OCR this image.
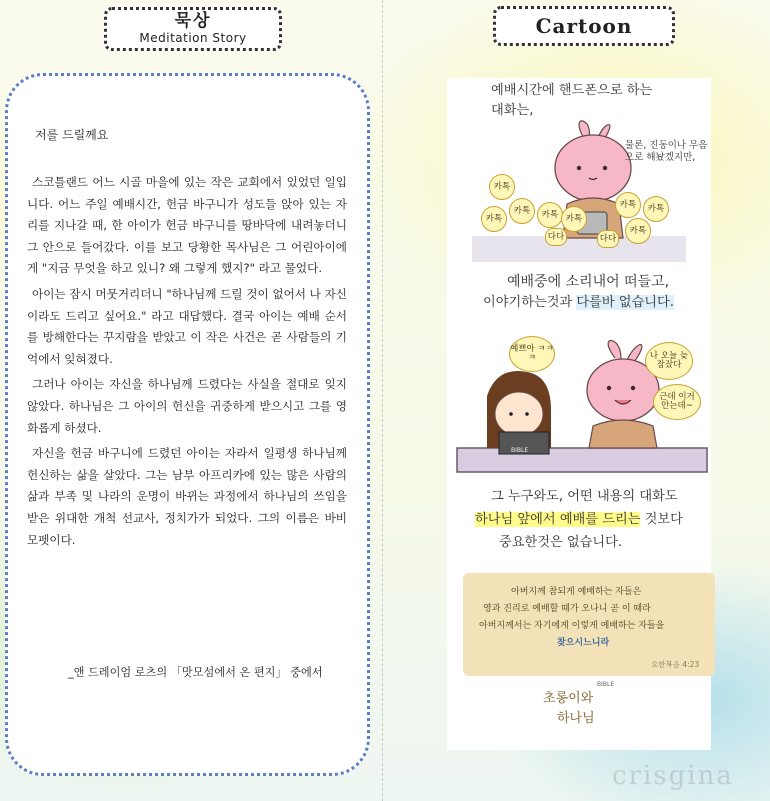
묵상
Meditation Story
저를 드릴께요

스코틀랜드 어느 시골 마을에 있는 작은 교회에서 있었던 일입니다. 어느 주일 예배시간, 헌금 바구니가 성도들 앉아 있는 자리를 지나갈 때, 한 아이가 헌금 바구니를 땅바닥에 내려놓더니 그 안으로 들어갔다. 이를 보고 당황한 목사님은 그 어린아이에게 "지금 무엇을 하고 있니? 왜 그렇게 했지?" 라고 물었다.

아이는 잠시 머뭇거리더니 "하나님께 드릴 것이 없어서 나 자신이라도 드리고 싶어요." 라고 대답했다. 결국 아이는 예배 순서를 방해한다는 꾸지람을 받았고 이 작은 사건은 곧 사람들의 기억에서 잊혀졌다.

그러나 아이는 자신을 하나님께 드렸다는 사실을 절대로 잊지 않았다. 하나님은 그 아이의 헌신을 귀중하게 받으시고 그를 영화롭게 하셨다.

자신을 헌금 바구니에 드렸던 아이는 자라서 일평생 하나님께 헌신하는 삶을 살았다. 그는 남부 아프리카에 있는 많은 사람의 삶과 부족 및 나라의 운명이 바뀌는 과정에서 하나님의 쓰임을 받은 위대한 개척 선교사, 정치가가 되었다. 그의 이름은 바비 모펫이다.

_앤 드레이엄 로츠의 「맛모섬에서 온 편지」 중에서
Cartoon
예배시간에 핸드폰으로 하는
대화는,
물론, 진동이나 무음으로 해놨겠지만,
카톡
카톡
카톡	카톡 카톡
카톡	카톡
카톡
다다	다다
예배중에 소리내어 떠들고,
이야기하는것과 다를바 없습니다.
예쁘아 ㅋㅋㅋ	나 오늘 늦잠잤다
근데 이거 안는데~
BIBLE
그 누구와도, 어떤 내용의 대화도
하나님 앞에서 예배를 드리는 것보다
중요한것은 없습니다.
초롱이와
하나님
BIBLE
아버지께 참되게 예배하는 자들은
영과 진리로 예배할 때가 오나니 곧 이 때라
아버지께서는 자기에게 이렇게 예배하는 자들을
찾으시느니라
요한복음 4:23
crisgina
